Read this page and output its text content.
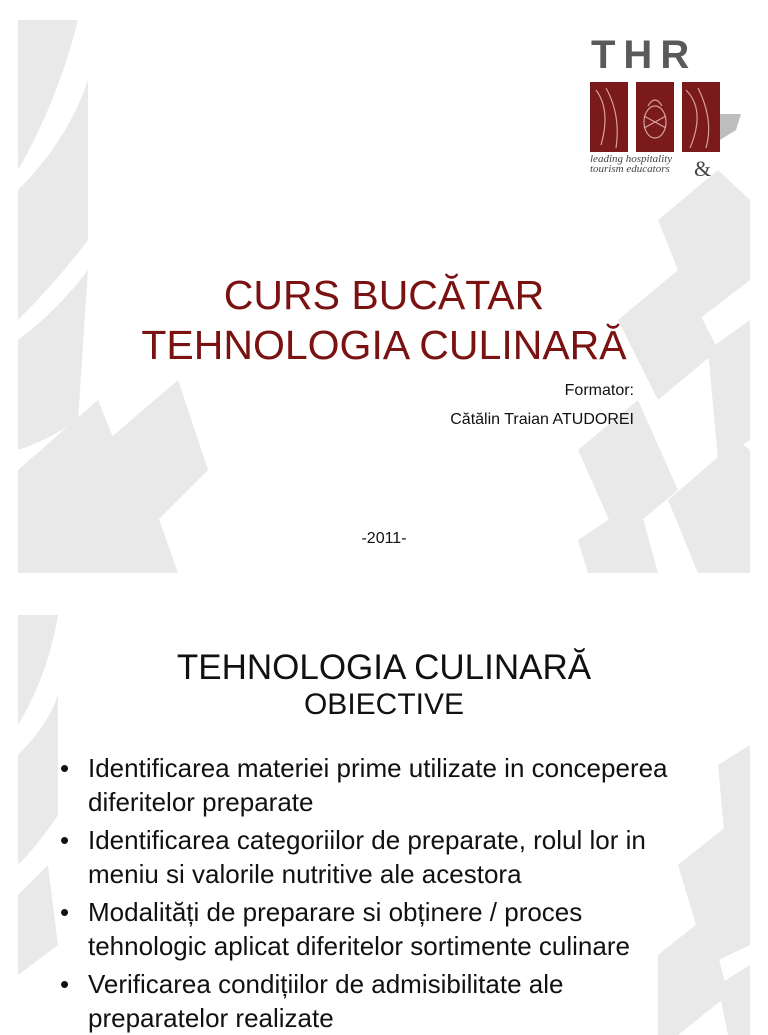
THR
leading hospitality
tourism educators	&
CURS BUCĂTAR
TEHNOLOGIA CULINARĂ
Formator:
Cătălin Traian ATUDOREI
-2011-
TEHNOLOGIA CULINARĂ
OBIECTIVE
• Identificarea materiei prime utilizate in conceperea diferitelor preparate
• Identificarea categoriilor de preparate, rolul lor in meniu si valorile nutritive ale acestora
• Modalități de preparare si obținere / proces tehnologic aplicat diferitelor sortimente culinare
• Verificarea condițiilor de admisibilitate ale preparatelor realizate
